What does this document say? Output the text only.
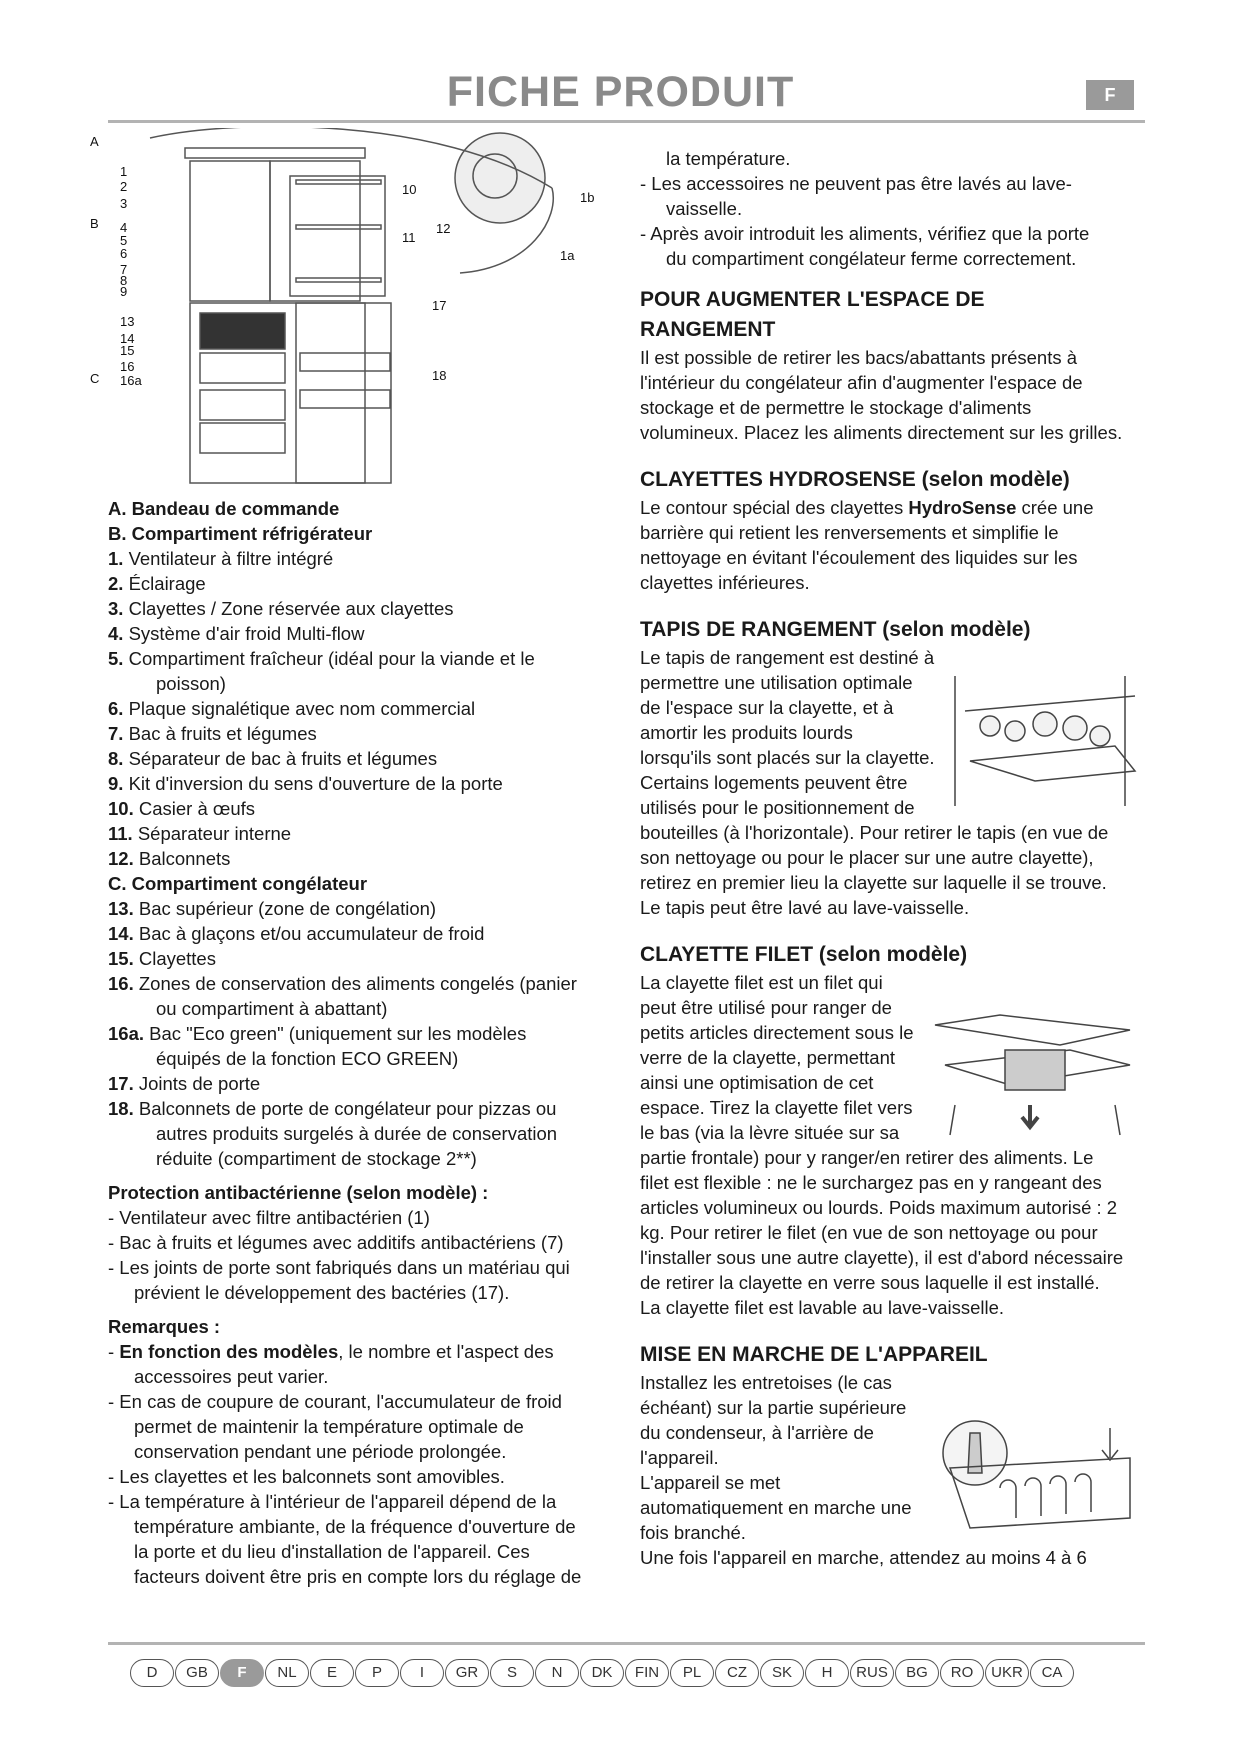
FICHE PRODUIT	F
A
B
C
1
2
3
4
5
6
7
8
9
10
11
12
13
14
15
16
16a
17
18
1a
1b
A. Bandeau de commande
B. Compartiment réfrigérateur
1. Ventilateur à filtre intégré
2. Éclairage
3. Clayettes / Zone réservée aux clayettes
4. Système d'air froid Multi-flow
5. Compartiment fraîcheur (idéal pour la viande et le
poisson)
6. Plaque signalétique avec nom commercial
7. Bac à fruits et légumes
8. Séparateur de bac à fruits et légumes
9. Kit d'inversion du sens d'ouverture de la porte
10. Casier à œufs
11. Séparateur interne
12. Balconnets
C. Compartiment congélateur
13. Bac supérieur (zone de congélation)
14. Bac à glaçons et/ou accumulateur de froid
15. Clayettes
16. Zones de conservation des aliments congelés (panier
ou compartiment à abattant)
16a. Bac "Eco green" (uniquement sur les modèles
équipés de la fonction ECO GREEN)
17. Joints de porte
18. Balconnets de porte de congélateur pour pizzas ou
autres produits surgelés à durée de conservation
réduite (compartiment de stockage 2**)
Protection antibactérienne (selon modèle) :
- Ventilateur avec filtre antibactérien (1)
- Bac à fruits et légumes avec additifs antibactériens (7)
- Les joints de porte sont fabriqués dans un matériau qui
prévient le développement des bactéries (17).
Remarques :
- En fonction des modèles, le nombre et l'aspect des
accessoires peut varier.
- En cas de coupure de courant, l'accumulateur de froid
permet de maintenir la température optimale de
conservation pendant une période prolongée.
- Les clayettes et les balconnets sont amovibles.
- La température à l'intérieur de l'appareil dépend de la
température ambiante, de la fréquence d'ouverture de
la porte et du lieu d'installation de l'appareil. Ces
facteurs doivent être pris en compte lors du réglage de
la température.
- Les accessoires ne peuvent pas être lavés au lave-
vaisselle.
- Après avoir introduit les aliments, vérifiez que la porte
du compartiment congélateur ferme correctement.
POUR AUGMENTER L'ESPACE DE
RANGEMENT
Il est possible de retirer les bacs/abattants présents à
l'intérieur du congélateur afin d'augmenter l'espace de
stockage et de permettre le stockage d'aliments
volumineux. Placez les aliments directement sur les grilles.
CLAYETTES HYDROSENSE (selon modèle)
Le contour spécial des clayettes HydroSense crée une
barrière qui retient les renversements et simplifie le
nettoyage en évitant l'écoulement des liquides sur les
clayettes inférieures.
TAPIS DE RANGEMENT (selon modèle)
Le tapis de rangement est destiné à
permettre une utilisation optimale
de l'espace sur la clayette, et à
amortir les produits lourds
lorsqu'ils sont placés sur la clayette.
Certains logements peuvent être
utilisés pour le positionnement de
bouteilles (à l'horizontale). Pour retirer le tapis (en vue de
son nettoyage ou pour le placer sur une autre clayette),
retirez en premier lieu la clayette sur laquelle il se trouve.
Le tapis peut être lavé au lave-vaisselle.
CLAYETTE FILET (selon modèle)
La clayette filet est un filet qui
peut être utilisé pour ranger de
petits articles directement sous le
verre de la clayette, permettant
ainsi une optimisation de cet
espace. Tirez la clayette filet vers
le bas (via la lèvre située sur sa
partie frontale) pour y ranger/en retirer des aliments. Le
filet est flexible : ne le surchargez pas en y rangeant des
articles volumineux ou lourds. Poids maximum autorisé : 2
kg. Pour retirer le filet (en vue de son nettoyage ou pour
l'installer sous une autre clayette), il est d'abord nécessaire
de retirer la clayette en verre sous laquelle il est installé.
La clayette filet est lavable au lave-vaisselle.
MISE EN MARCHE DE L'APPAREIL
Installez les entretoises (le cas
échéant) sur la partie supérieure
du condenseur, à l'arrière de
l'appareil.
L'appareil se met
automatiquement en marche une
fois branché.
Une fois l'appareil en marche, attendez au moins 4 à 6
D	GB	F	NL	E	P	I	GR	S	N	DK	FIN	PL	CZ	SK	H	RUS	BG	RO	UKR	CA
